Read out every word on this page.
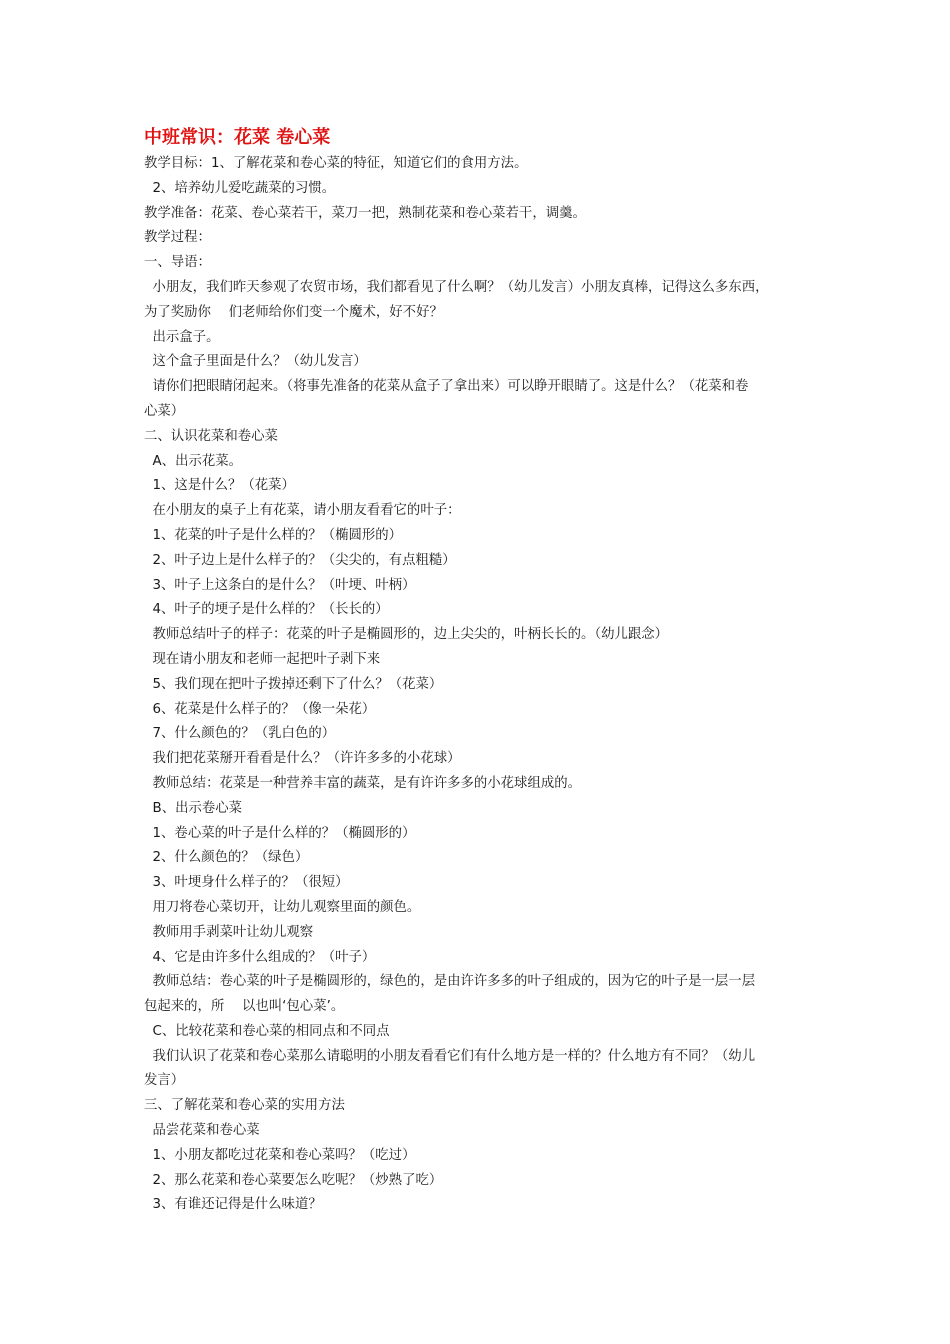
中班常识：花菜 卷心菜
教学目标：1、了解花菜和卷心菜的特征，知道它们的食用方法。
2、培养幼儿爱吃蔬菜的习惯。
教学准备：花菜、卷心菜若干，菜刀一把，熟制花菜和卷心菜若干，调羹。
教学过程：
一、导语：
小朋友，我们昨天参观了农贸市场，我们都看见了什么啊？（幼儿发言）小朋友真棒，记得这么多东西，
为了奖励你　 们老师给你们变一个魔术，好不好？
出示盒子。
这个盒子里面是什么？（幼儿发言）
请你们把眼睛闭起来。（将事先准备的花菜从盒子了拿出来）可以睁开眼睛了。这是什么？（花菜和卷
心菜）
二、认识花菜和卷心菜
A、出示花菜。
1、这是什么？（花菜）
在小朋友的桌子上有花菜，请小朋友看看它的叶子：
1、花菜的叶子是什么样的？（椭圆形的）
2、叶子边上是什么样子的？（尖尖的，有点粗糙）
3、叶子上这条白的是什么？（叶埂、叶柄）
4、叶子的埂子是什么样的？（长长的）
教师总结叶子的样子：花菜的叶子是椭圆形的，边上尖尖的，叶柄长长的。（幼儿跟念）
现在请小朋友和老师一起把叶子剥下来
5、我们现在把叶子拨掉还剩下了什么？（花菜）
6、花菜是什么样子的？（像一朵花）
7、什么颜色的？（乳白色的）
我们把花菜掰开看看是什么？（许许多多的小花球）
教师总结：花菜是一种营养丰富的蔬菜，是有许许多多的小花球组成的。
B、出示卷心菜
1、卷心菜的叶子是什么样的？（椭圆形的）
2、什么颜色的？（绿色）
3、叶埂身什么样子的？（很短）
用刀将卷心菜切开，让幼儿观察里面的颜色。
教师用手剥菜叶让幼儿观察
4、它是由许多什么组成的？（叶子）
教师总结：卷心菜的叶子是椭圆形的，绿色的，是由许许多多的叶子组成的，因为它的叶子是一层一层
包起来的，所　 以也叫‘包心菜’。
C、比较花菜和卷心菜的相同点和不同点
我们认识了花菜和卷心菜那么请聪明的小朋友看看它们有什么地方是一样的？什么地方有不同？（幼儿
发言）
三、了解花菜和卷心菜的实用方法
品尝花菜和卷心菜
1、小朋友都吃过花菜和卷心菜吗？（吃过）
2、那么花菜和卷心菜要怎么吃呢？（炒熟了吃）
3、有谁还记得是什么味道？
